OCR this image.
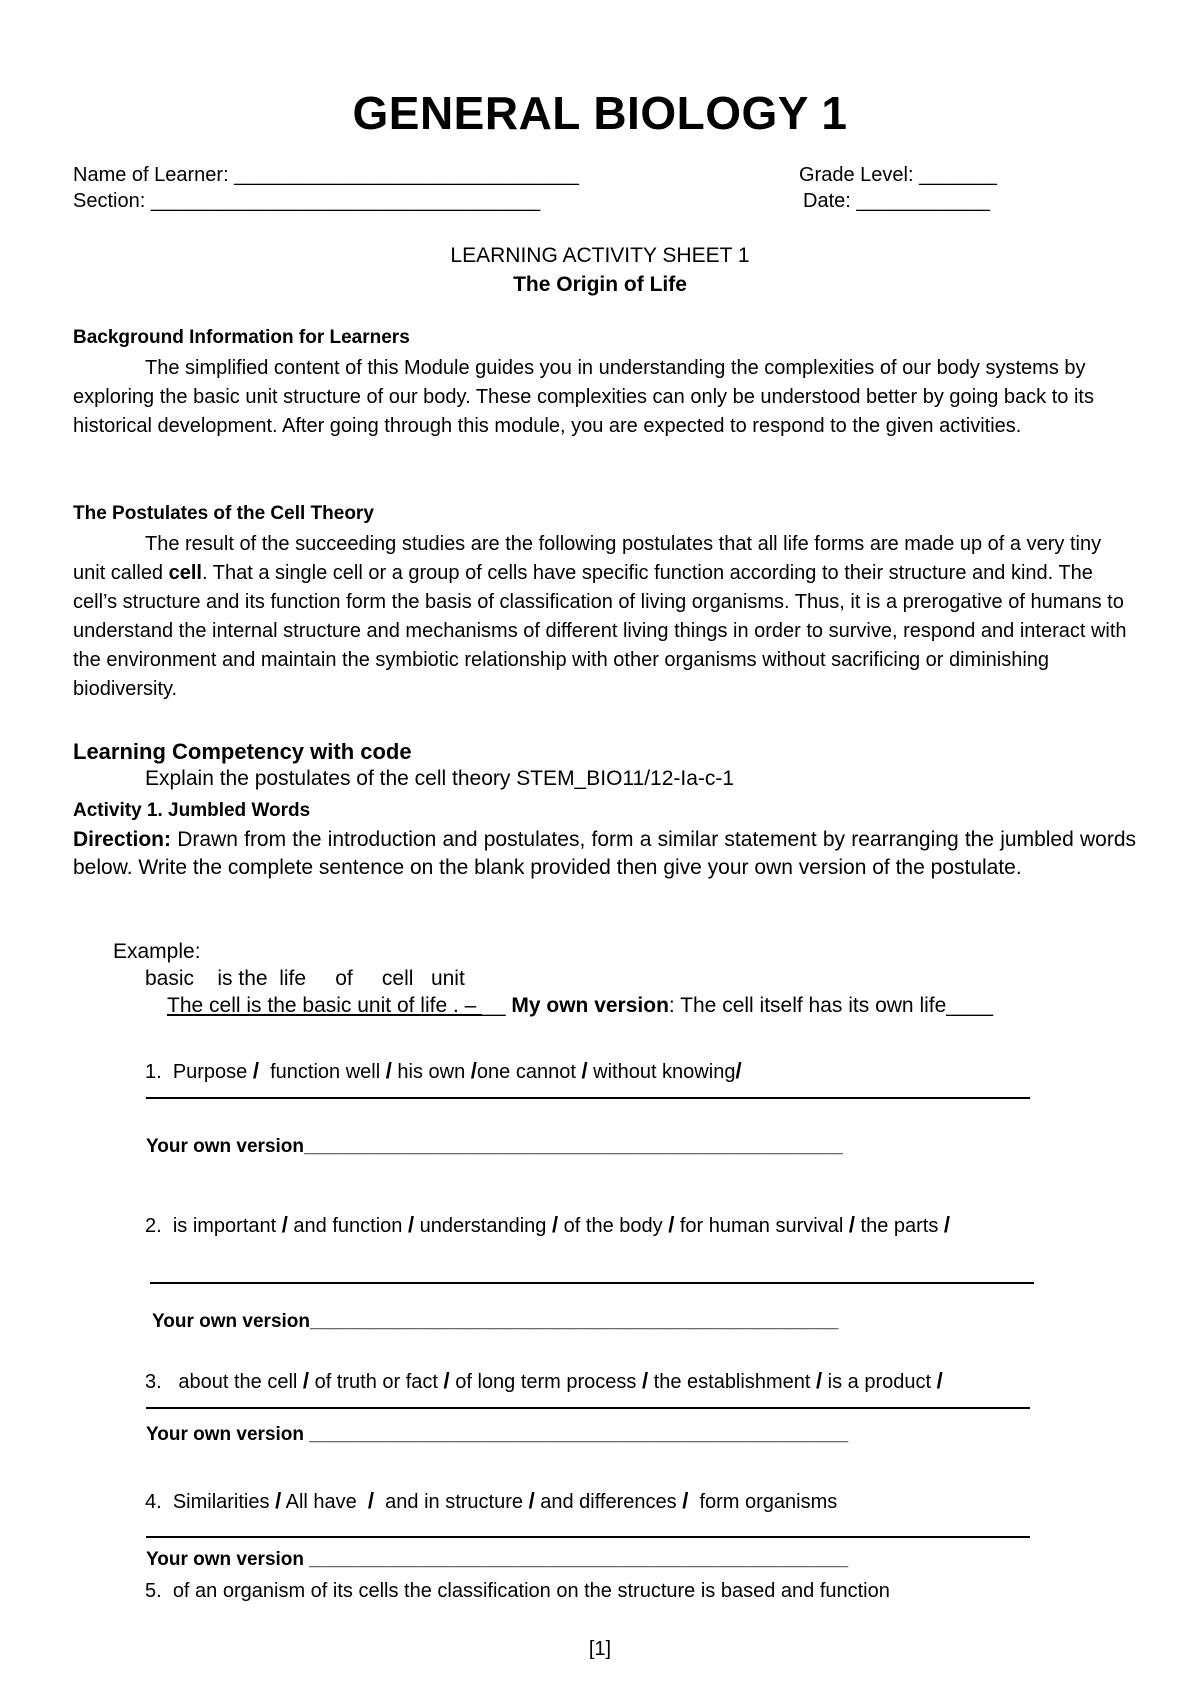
GENERAL BIOLOGY 1
Name of Learner: _______________________________	Grade Level: _______
Section: ___________________________________	Date: ____________
LEARNING ACTIVITY SHEET 1
The Origin of Life
Background Information for Learners
The simplified content of this Module guides you in understanding the complexities of our body systems by exploring the basic unit structure of our body. These complexities can only be understood better by going back to its historical development. After going through this module, you are expected to respond to the given activities.
The Postulates of the Cell Theory
The result of the succeeding studies are the following postulates that all life forms are made up of a very tiny unit called cell. That a single cell or a group of cells have specific function according to their structure and kind. The cell’s structure and its function form the basis of classification of living organisms. Thus, it is a prerogative of humans to understand the internal structure and mechanisms of different living things in order to survive, respond and interact with the environment and maintain the symbiotic relationship with other organisms without sacrificing or diminishing biodiversity.
Learning Competency with code
Explain the postulates of the cell theory STEM_BIO11/12-Ia-c-1
Activity 1. Jumbled Words
Direction: Drawn from the introduction and postulates, form a similar statement by rearranging the jumbled words below. Write the complete sentence on the blank provided then give your own version of the postulate.
Example:
basic    is the  life     of     cell   unit
The cell is the basic unit of life . – __ My own version: The cell itself has its own life____
1. Purpose /  function well / his own /one cannot / without knowing/
Your own version___________________________________________________
2. is important / and function / understanding / of the body / for human survival / the parts /
Your own version__________________________________________________
3. about the cell / of truth or fact / of long term process / the establishment / is a product /
Your own version ___________________________________________________
4. Similarities / All have  /  and in structure / and differences /  form organisms
Your own version ___________________________________________________
5. of an organism of its cells the classification on the structure is based and function
[1]
